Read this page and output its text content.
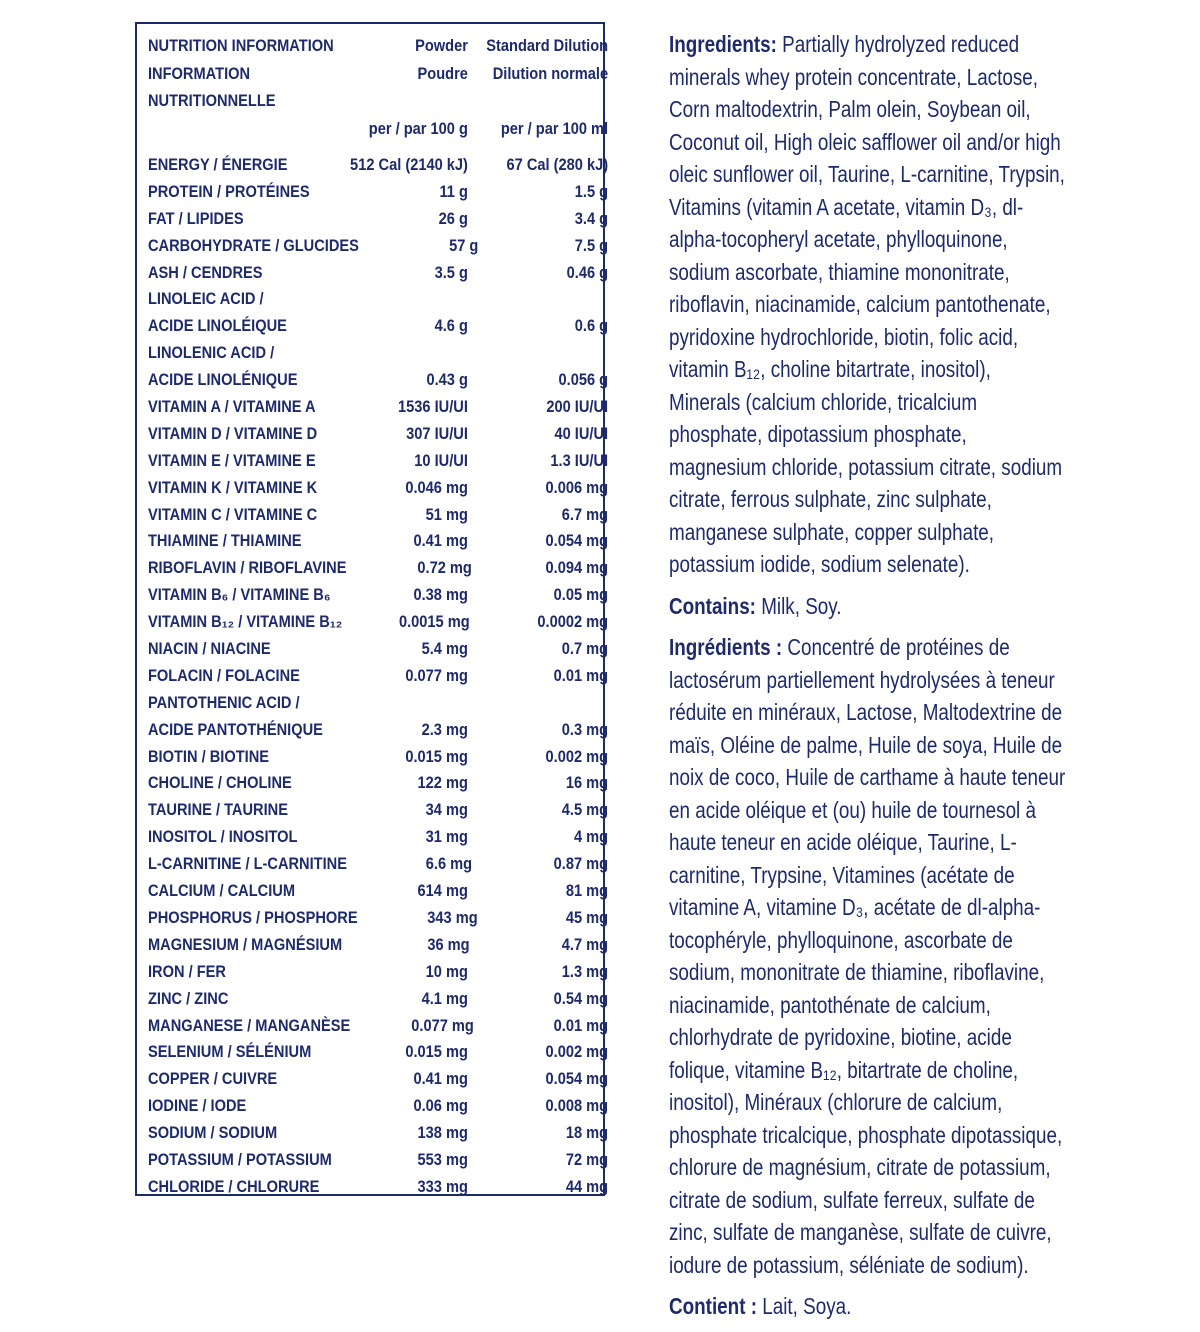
NUTRITION INFORMATION	Powder	Standard Dilution
INFORMATION NUTRITIONNELLE
Poudre	Dilution normale
per / par 100 g	per / par 100 ml
ENERGY / ÉNERGIE	512 Cal (2140 kJ)	67 Cal (280 kJ)
PROTEIN / PROTÉINES	11 g	1.5 g
FAT / LIPIDES	26 g	3.4 g
CARBOHYDRATE / GLUCIDES	57 g	7.5 g
ASH / CENDRES	3.5 g	0.46 g
LINOLEIC ACID /
ACIDE LINOLÉIQUE	4.6 g	0.6 g
LINOLENIC ACID /
ACIDE LINOLÉNIQUE	0.43 g	0.056 g
VITAMIN A / VITAMINE A	1536 IU/UI	200 IU/UI
VITAMIN D / VITAMINE D	307 IU/UI	40 IU/UI
VITAMIN E / VITAMINE E	10 IU/UI	1.3 IU/UI
VITAMIN K / VITAMINE K	0.046 mg	0.006 mg
VITAMIN C / VITAMINE C	51 mg	6.7 mg
THIAMINE / THIAMINE	0.41 mg	0.054 mg
RIBOFLAVIN / RIBOFLAVINE	0.72 mg	0.094 mg
VITAMIN B₆ / VITAMINE B₆	0.38 mg	0.05 mg
VITAMIN B₁₂ / VITAMINE B₁₂	0.0015 mg	0.0002 mg
NIACIN / NIACINE	5.4 mg	0.7 mg
FOLACIN / FOLACINE	0.077 mg	0.01 mg
PANTOTHENIC ACID /
ACIDE PANTOTHÉNIQUE	2.3 mg	0.3 mg
BIOTIN / BIOTINE	0.015 mg	0.002 mg
CHOLINE / CHOLINE	122 mg	16 mg
TAURINE / TAURINE	34 mg	4.5 mg
INOSITOL / INOSITOL	31 mg	4 mg
L-CARNITINE / L-CARNITINE	6.6 mg	0.87 mg
CALCIUM / CALCIUM	614 mg	81 mg
PHOSPHORUS / PHOSPHORE	343 mg	45 mg
MAGNESIUM / MAGNÉSIUM	36 mg	4.7 mg
IRON / FER	10 mg	1.3 mg
ZINC / ZINC	4.1 mg	0.54 mg
MANGANESE / MANGANÈSE	0.077 mg	0.01 mg
SELENIUM / SÉLÉNIUM	0.015 mg	0.002 mg
COPPER / CUIVRE	0.41 mg	0.054 mg
IODINE / IODE	0.06 mg	0.008 mg
SODIUM / SODIUM	138 mg	18 mg
POTASSIUM / POTASSIUM	553 mg	72 mg
CHLORIDE / CHLORURE	333 mg	44 mg

Ingredients: Partially hydrolyzed reduced minerals whey protein concentrate, Lactose, Corn maltodextrin, Palm olein, Soybean oil, Coconut oil, High oleic safflower oil and/or high oleic sunflower oil, Taurine, L-carnitine, Trypsin, Vitamins (vitamin A acetate, vitamin D₃, dl-alpha-tocopheryl acetate, phylloquinone, sodium ascorbate, thiamine mononitrate, riboflavin, niacinamide, calcium pantothenate, pyridoxine hydrochloride, biotin, folic acid, vitamin B₁₂, choline bitartrate, inositol), Minerals (calcium chloride, tricalcium phosphate, dipotassium phosphate, magnesium chloride, potassium citrate, sodium citrate, ferrous sulphate, zinc sulphate, manganese sulphate, copper sulphate, potassium iodide, sodium selenate).

Contains: Milk, Soy.

Ingrédients : Concentré de protéines de lactosérum partiellement hydrolysées à teneur réduite en minéraux, Lactose, Maltodextrine de maïs, Oléine de palme, Huile de soya, Huile de noix de coco, Huile de carthame à haute teneur en acide oléique et (ou) huile de tournesol à haute teneur en acide oléique, Taurine, L-carnitine, Trypsine, Vitamines (acétate de vitamine A, vitamine D₃, acétate de dl-alpha-tocophéryle, phylloquinone, ascorbate de sodium, mononitrate de thiamine, riboflavine, niacinamide, pantothénate de calcium, chlorhydrate de pyridoxine, biotine, acide folique, vitamine B₁₂, bitartrate de choline, inositol), Minéraux (chlorure de calcium, phosphate tricalcique, phosphate dipotassique, chlorure de magnésium, citrate de potassium, citrate de sodium, sulfate ferreux, sulfate de zinc, sulfate de manganèse, sulfate de cuivre, iodure de potassium, séléniate de sodium).

Contient : Lait, Soya.
